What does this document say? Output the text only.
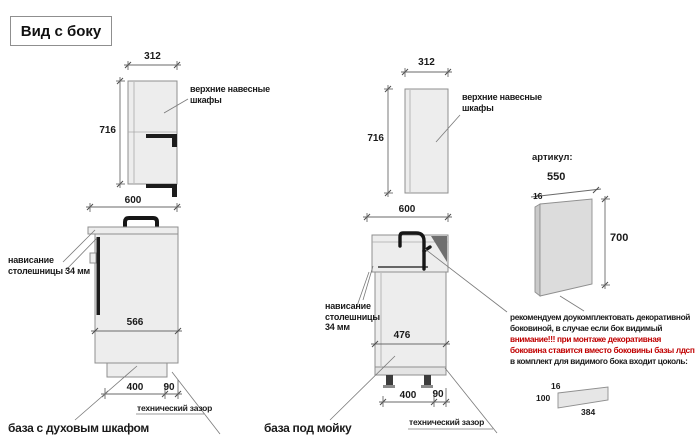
Вид с боку
312
716
верхние навесные
шкафы
600
нависание
столешницы 34 мм
566
400	90
технический зазор
база с духовым шкафом
312
716
верхние навесные
шкафы
600
нависание
столешницы
34 мм
476
400	90
технический зазор
база под мойку
артикул:
550
16
700
рекомендуем доукомплектовать декоративной
боковиной, в случае если бок видимый
внимание!!! при монтаже декоративная
боковина ставится вместо боковины базы лдсп
в комплект для видимого бока входит цоколь:
16
100
384
